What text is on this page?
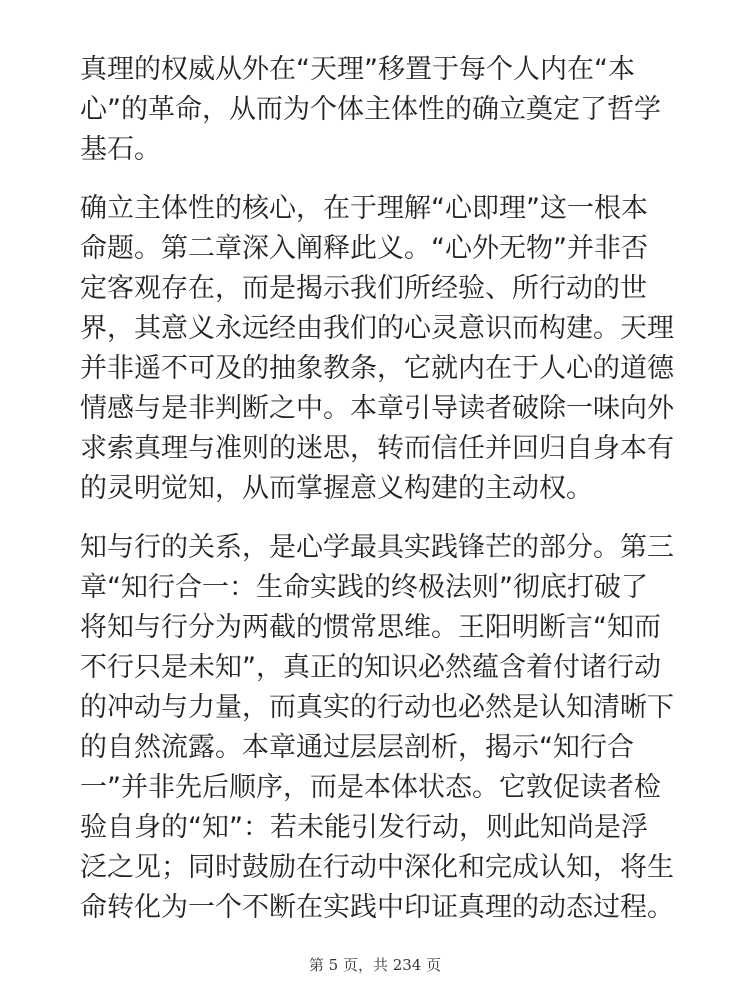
真理的权威从外在“天理”移置于每个人内在“本
心”的革命，从而为个体主体性的确立奠定了哲学
基石。
确立主体性的核心，在于理解“心即理”这一根本
命题。第二章深入阐释此义。“心外无物”并非否
定客观存在，而是揭示我们所经验、所行动的世
界，其意义永远经由我们的心灵意识而构建。天理
并非遥不可及的抽象教条，它就内在于人心的道德
情感与是非判断之中。本章引导读者破除一味向外
求索真理与准则的迷思，转而信任并回归自身本有
的灵明觉知，从而掌握意义构建的主动权。
知与行的关系，是心学最具实践锋芒的部分。第三
章“知行合一：生命实践的终极法则”彻底打破了
将知与行分为两截的惯常思维。王阳明断言“知而
不行只是未知”，真正的知识必然蕴含着付诸行动
的冲动与力量，而真实的行动也必然是认知清晰下
的自然流露。本章通过层层剖析，揭示“知行合
一”并非先后顺序，而是本体状态。它敦促读者检
验自身的“知”：若未能引发行动，则此知尚是浮
泛之见；同时鼓励在行动中深化和完成认知，将生
命转化为一个不断在实践中印证真理的动态过程。
第 5 页，共 234 页
